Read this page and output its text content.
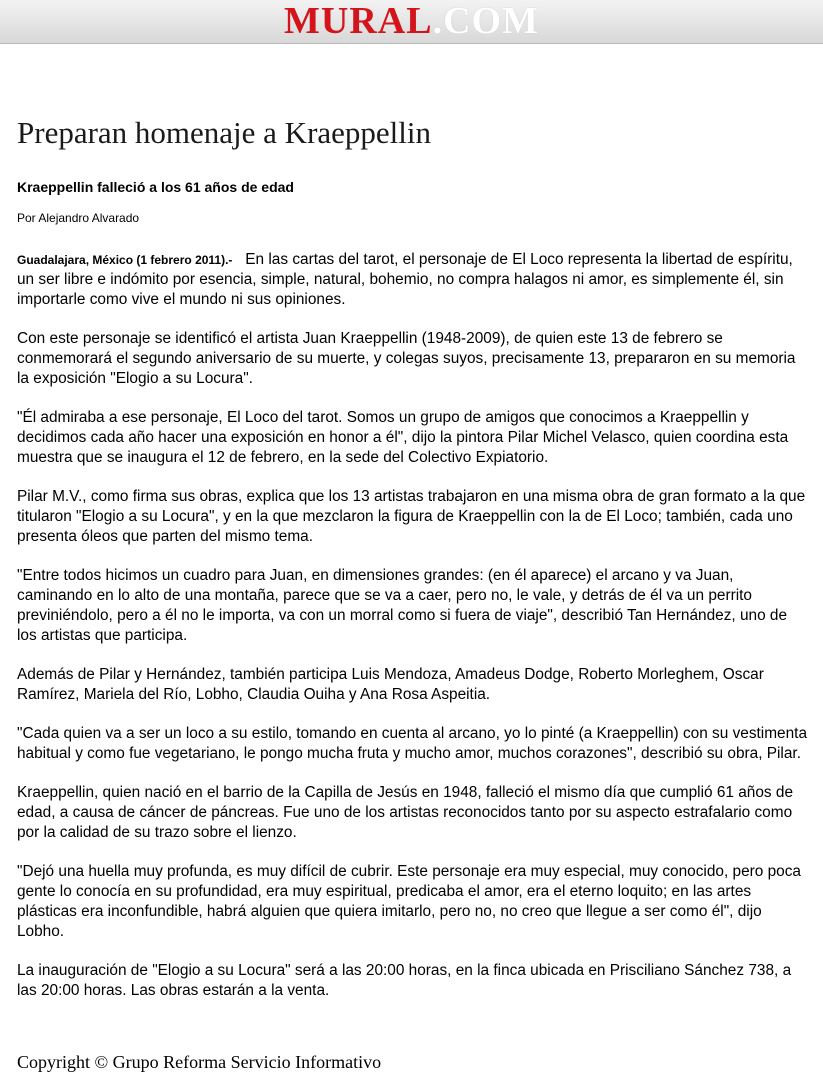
MURAL.COM
Preparan homenaje a Kraeppellin
Kraeppellin falleció a los 61 años de edad

Por Alejandro Alvarado

Guadalajara, México (1 febrero 2011).- En las cartas del tarot, el personaje de El Loco representa la libertad de espíritu, un ser libre e indómito por esencia, simple, natural, bohemio, no compra halagos ni amor, es simplemente él, sin importarle como vive el mundo ni sus opiniones.

Con este personaje se identificó el artista Juan Kraeppellin (1948-2009), de quien este 13 de febrero se conmemorará el segundo aniversario de su muerte, y colegas suyos, precisamente 13, prepararon en su memoria la exposición "Elogio a su Locura".

"Él admiraba a ese personaje, El Loco del tarot. Somos un grupo de amigos que conocimos a Kraeppellin y decidimos cada año hacer una exposición en honor a él", dijo la pintora Pilar Michel Velasco, quien coordina esta muestra que se inaugura el 12 de febrero, en la sede del Colectivo Expiatorio.

Pilar M.V., como firma sus obras, explica que los 13 artistas trabajaron en una misma obra de gran formato a la que titularon "Elogio a su Locura", y en la que mezclaron la figura de Kraeppellin con la de El Loco; también, cada uno presenta óleos que parten del mismo tema.

"Entre todos hicimos un cuadro para Juan, en dimensiones grandes: (en él aparece) el arcano y va Juan, caminando en lo alto de una montaña, parece que se va a caer, pero no, le vale, y detrás de él va un perrito previniéndolo, pero a él no le importa, va con un morral como si fuera de viaje", describió Tan Hernández, uno de los artistas que participa.

Además de Pilar y Hernández, también participa Luis Mendoza, Amadeus Dodge, Roberto Morleghem, Oscar Ramírez, Mariela del Río, Lobho, Claudia Ouiha y Ana Rosa Aspeitia.

"Cada quien va a ser un loco a su estilo, tomando en cuenta al arcano, yo lo pinté (a Kraeppellin) con su vestimenta habitual y como fue vegetariano, le pongo mucha fruta y mucho amor, muchos corazones", describió su obra, Pilar.

Kraeppellin, quien nació en el barrio de la Capilla de Jesús en 1948, falleció el mismo día que cumplió 61 años de edad, a causa de cáncer de páncreas. Fue uno de los artistas reconocidos tanto por su aspecto estrafalario como por la calidad de su trazo sobre el lienzo.

"Dejó una huella muy profunda, es muy difícil de cubrir. Este personaje era muy especial, muy conocido, pero poca gente lo conocía en su profundidad, era muy espiritual, predicaba el amor, era el eterno loquito; en las artes plásticas era inconfundible, habrá alguien que quiera imitarlo, pero no, no creo que llegue a ser como él", dijo Lobho.

La inauguración de "Elogio a su Locura" será a las 20:00 horas, en la finca ubicada en Prisciliano Sánchez 738, a las 20:00 horas. Las obras estarán a la venta.

Copyright © Grupo Reforma Servicio Informativo
